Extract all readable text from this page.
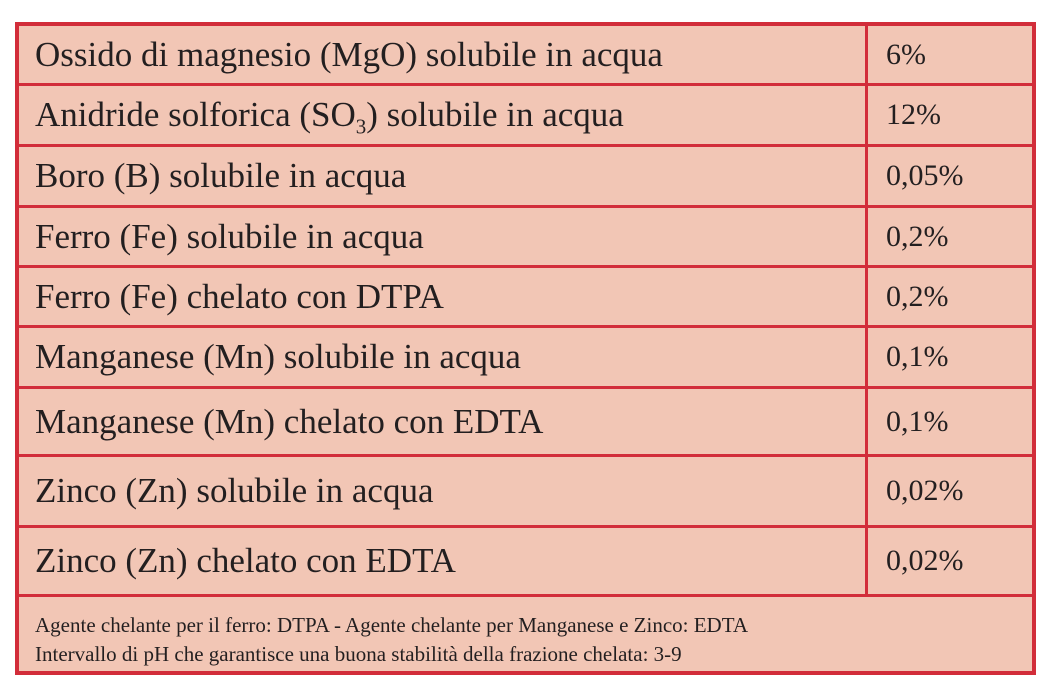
Ossido di magnesio (MgO) solubile in acqua	6%
Anidride solforica $(SO_3)$ solubile in acqua	12%
Boro (B) solubile in acqua	0,05%
Ferro (Fe) solubile in acqua	0,2%
Ferro (Fe) chelato con DTPA	0,2%
Manganese (Mn) solubile in acqua	0,1%
Manganese (Mn) chelato con EDTA	0,1%
Zinco (Zn) solubile in acqua	0,02%
Zinco (Zn) chelato con EDTA	0,02%
Agente chelante per il ferro: DTPA - Agente chelante per Manganese e Zinco: EDTA
Intervallo di pH che garantisce una buona stabilità della frazione chelata: 3-9
